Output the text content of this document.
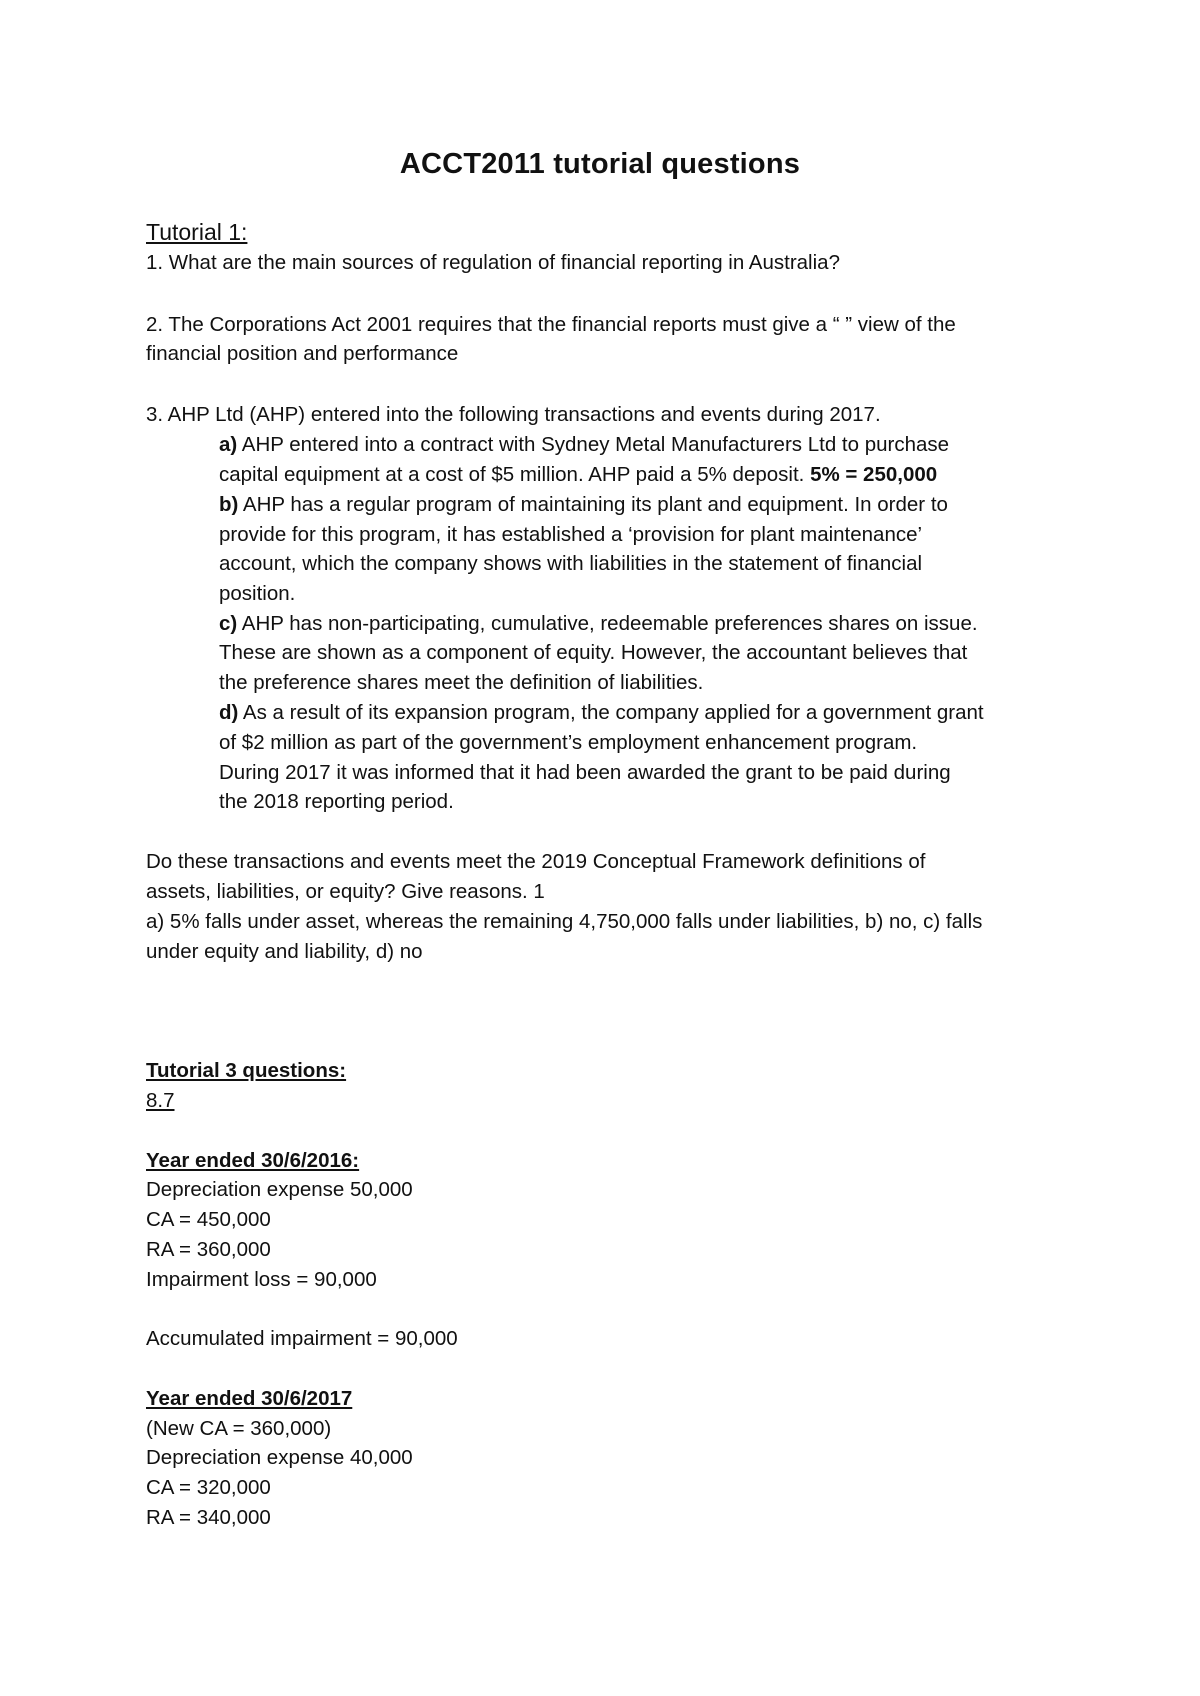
ACCT2011 tutorial questions
Tutorial 1:
1. What are the main sources of regulation of financial reporting in Australia?
2. The Corporations Act 2001 requires that the financial reports must give a “ ” view of the
financial position and performance
3. AHP Ltd (AHP) entered into the following transactions and events during 2017.
a) AHP entered into a contract with Sydney Metal Manufacturers Ltd to purchase
capital equipment at a cost of $5 million. AHP paid a 5% deposit. 5% = 250,000
b) AHP has a regular program of maintaining its plant and equipment. In order to
provide for this program, it has established a ‘provision for plant maintenance’
account, which the company shows with liabilities in the statement of financial
position.
c) AHP has non-participating, cumulative, redeemable preferences shares on issue.
These are shown as a component of equity. However, the accountant believes that
the preference shares meet the definition of liabilities.
d) As a result of its expansion program, the company applied for a government grant
of $2 million as part of the government’s employment enhancement program.
During 2017 it was informed that it had been awarded the grant to be paid during
the 2018 reporting period.
Do these transactions and events meet the 2019 Conceptual Framework definitions of
assets, liabilities, or equity? Give reasons. 1
a) 5% falls under asset, whereas the remaining 4,750,000 falls under liabilities, b) no, c) falls
under equity and liability, d) no
Tutorial 3 questions:
8.7
Year ended 30/6/2016:
Depreciation expense 50,000
CA = 450,000
RA = 360,000
Impairment loss = 90,000
Accumulated impairment = 90,000
Year ended 30/6/2017
(New CA = 360,000)
Depreciation expense 40,000
CA = 320,000
RA = 340,000
